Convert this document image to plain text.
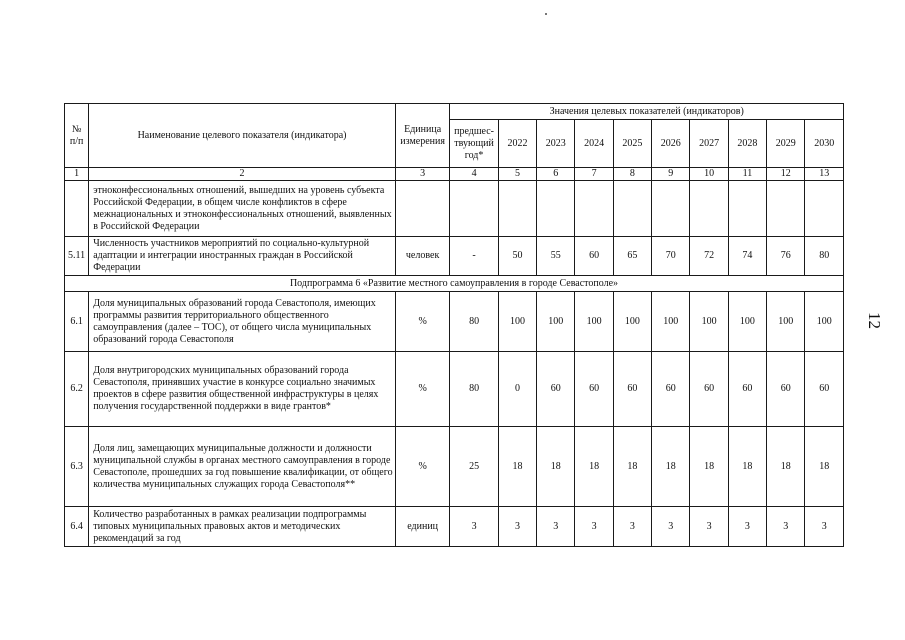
12
№ п/п	Наименование целевого показателя (индикатора)	Единица измерения	Значения целевых показателей (индикаторов)									
			предшес-твующий год*	2022	2023	2024	2025	2026	2027	2028	2029	2030
1	2	3	4	5	6	7	8	9	10	11	12	13
	этноконфессиональных отношений, вышедших на уровень субъекта Российской Федерации, в общем числе конфликтов в сфере межнациональных и этноконфессиональных отношений, выявленных в Российской Федерации											
5.11	Численность участников мероприятий по социально-культурной адаптации и интеграции иностранных граждан в Российской Федерации	человек	-	50	55	60	65	70	72	74	76	80
Подпрограмма 6 «Развитие местного самоуправления в городе Севастополе»												
6.1	Доля муниципальных образований города Севастополя, имеющих программы развития территориального общественного самоуправления (далее – ТОС), от общего числа муниципальных образований города Севастополя	%	80	100	100	100	100	100	100	100	100	100
6.2	Доля внутригородских муниципальных образований города Севастополя, принявших участие в конкурсе социально значимых проектов в сфере развития общественной инфраструктуры в целях получения государственной поддержки в виде грантов*	%	80	0	60	60	60	60	60	60	60	60
6.3	Доля лиц, замещающих муниципальные должности и должности муниципальной службы в органах местного самоуправления в городе Севастополе, прошедших за год повышение квалификации, от общего количества муниципальных служащих города Севастополя**	%	25	18	18	18	18	18	18	18	18	18
6.4	Количество разработанных в рамках реализации подпрограммы типовых муниципальных правовых актов и методических рекомендаций за год	единиц	3	3	3	3	3	3	3	3	3	3
